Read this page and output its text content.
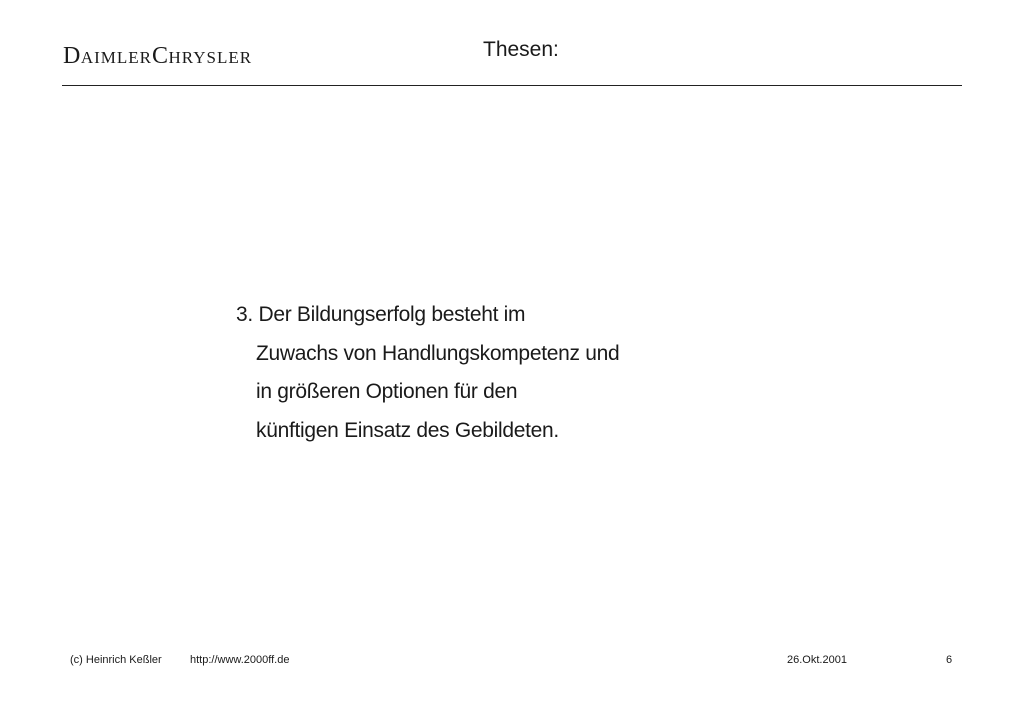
DAIMLERCHRYSLER	Thesen:
3. Der Bildungserfolg besteht im
Zuwachs von Handlungskompetenz und
in größeren Optionen für den
künftigen Einsatz des Gebildeten.
(c) Heinrich Keßler	http://www.2000ff.de	26.Okt.2001	6
